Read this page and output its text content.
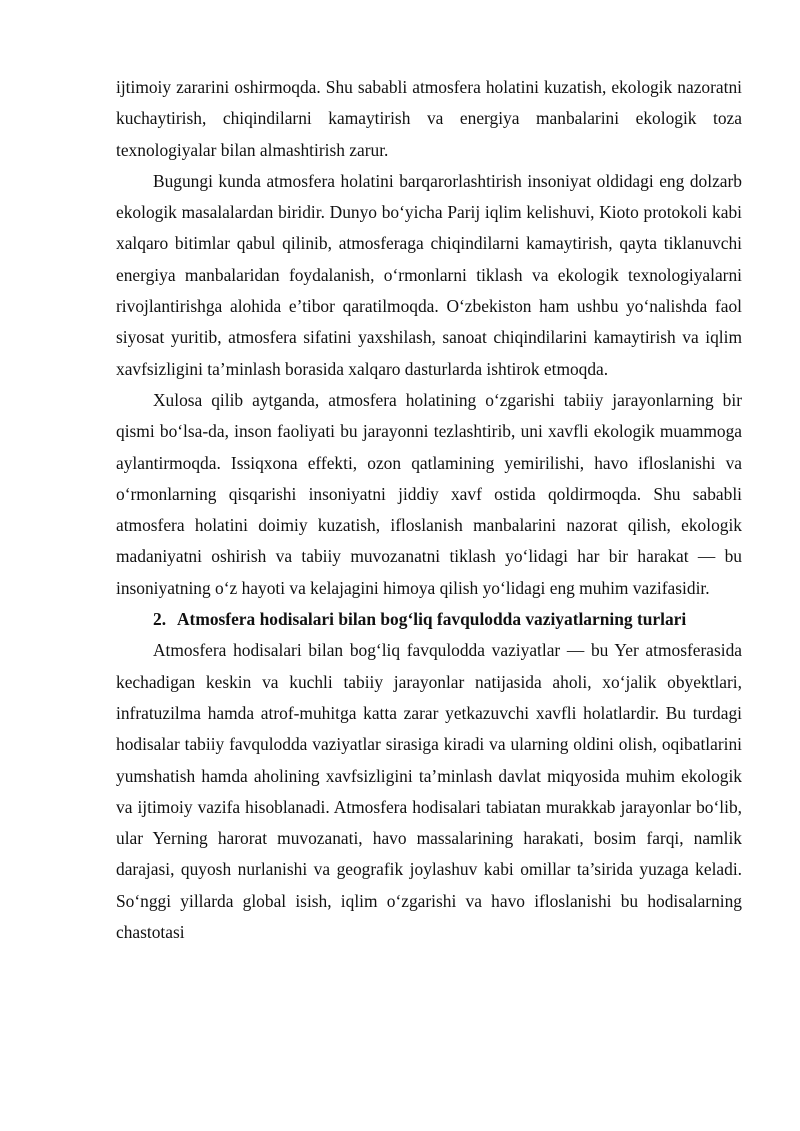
ijtimoiy zararini oshirmoqda. Shu sababli atmosfera holatini kuzatish, ekologik nazoratni kuchaytirish, chiqindilarni kamaytirish va energiya manbalarini ekologik toza texnologiyalar bilan almashtirish zarur.

Bugungi kunda atmosfera holatini barqarorlashtirish insoniyat oldidagi eng dolzarb ekologik masalalardan biridir. Dunyo bo‘yicha Parij iqlim kelishuvi, Kioto protokoli kabi xalqaro bitimlar qabul qilinib, atmosferaga chiqindilarni kamaytirish, qayta tiklanuvchi energiya manbalaridan foydalanish, o‘rmonlarni tiklash va ekologik texnologiyalarni rivojlantirishga alohida e’tibor qaratilmoqda. O‘zbekiston ham ushbu yo‘nalishda faol siyosat yuritib, atmosfera sifatini yaxshilash, sanoat chiqindilarini kamaytirish va iqlim xavfsizligini ta’minlash borasida xalqaro dasturlarda ishtirok etmoqda.

Xulosa qilib aytganda, atmosfera holatining o‘zgarishi tabiiy jarayonlarning bir qismi bo‘lsa-da, inson faoliyati bu jarayonni tezlashtirib, uni xavfli ekologik muammoga aylantirmoqda. Issiqxona effekti, ozon qatlamining yemirilishi, havo ifloslanishi va o‘rmonlarning qisqarishi insoniyatni jiddiy xavf ostida qoldirmoqda. Shu sababli atmosfera holatini doimiy kuzatish, ifloslanish manbalarini nazorat qilish, ekologik madaniyatni oshirish va tabiiy muvozanatni tiklash yo‘lidagi har bir harakat — bu insoniyatning o‘z hayoti va kelajagini himoya qilish yo‘lidagi eng muhim vazifasidir.

2. Atmosfera hodisalari bilan bog‘liq favqulodda vaziyatlarning turlari

Atmosfera hodisalari bilan bog‘liq favqulodda vaziyatlar — bu Yer atmosferasida kechadigan keskin va kuchli tabiiy jarayonlar natijasida aholi, xo‘jalik obyektlari, infratuzilma hamda atrof-muhitga katta zarar yetkazuvchi xavfli holatlardir. Bu turdagi hodisalar tabiiy favqulodda vaziyatlar sirasiga kiradi va ularning oldini olish, oqibatlarini yumshatish hamda aholining xavfsizligini ta’minlash davlat miqyosida muhim ekologik va ijtimoiy vazifa hisoblanadi. Atmosfera hodisalari tabiatan murakkab jarayonlar bo‘lib, ular Yerning harorat muvozanati, havo massalarining harakati, bosim farqi, namlik darajasi, quyosh nurlanishi va geografik joylashuv kabi omillar ta’sirida yuzaga keladi. So‘nggi yillarda global isish, iqlim o‘zgarishi va havo ifloslanishi bu hodisalarning chastotasi
